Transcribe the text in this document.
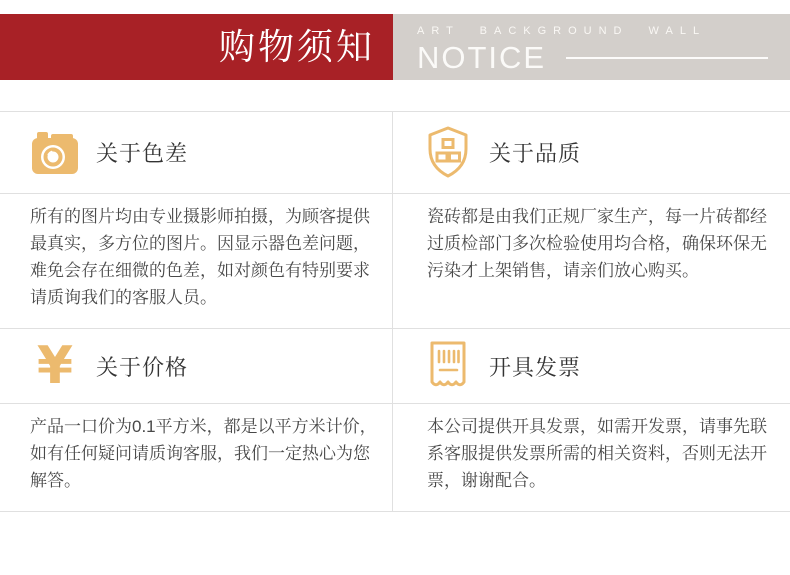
购物须知	ART BACKGROUND WALL
NOTICE
关于色差
所有的图片均由专业摄影师拍摄，为顾客提供最真实，多方位的图片。因显示器色差问题，难免会存在细微的色差，如对颜色有特别要求请质询我们的客服人员。
关于品质
瓷砖都是由我们正规厂家生产，每一片砖都经过质检部门多次检验使用均合格，确保环保无污染才上架销售，请亲们放心购买。
¥ 关于价格
产品一口价为0.1平方米，都是以平方米计价，如有任何疑问请质询客服，我们一定热心为您解答。
开具发票
本公司提供开具发票，如需开发票，请事先联系客服提供发票所需的相关资料，否则无法开票，谢谢配合。
